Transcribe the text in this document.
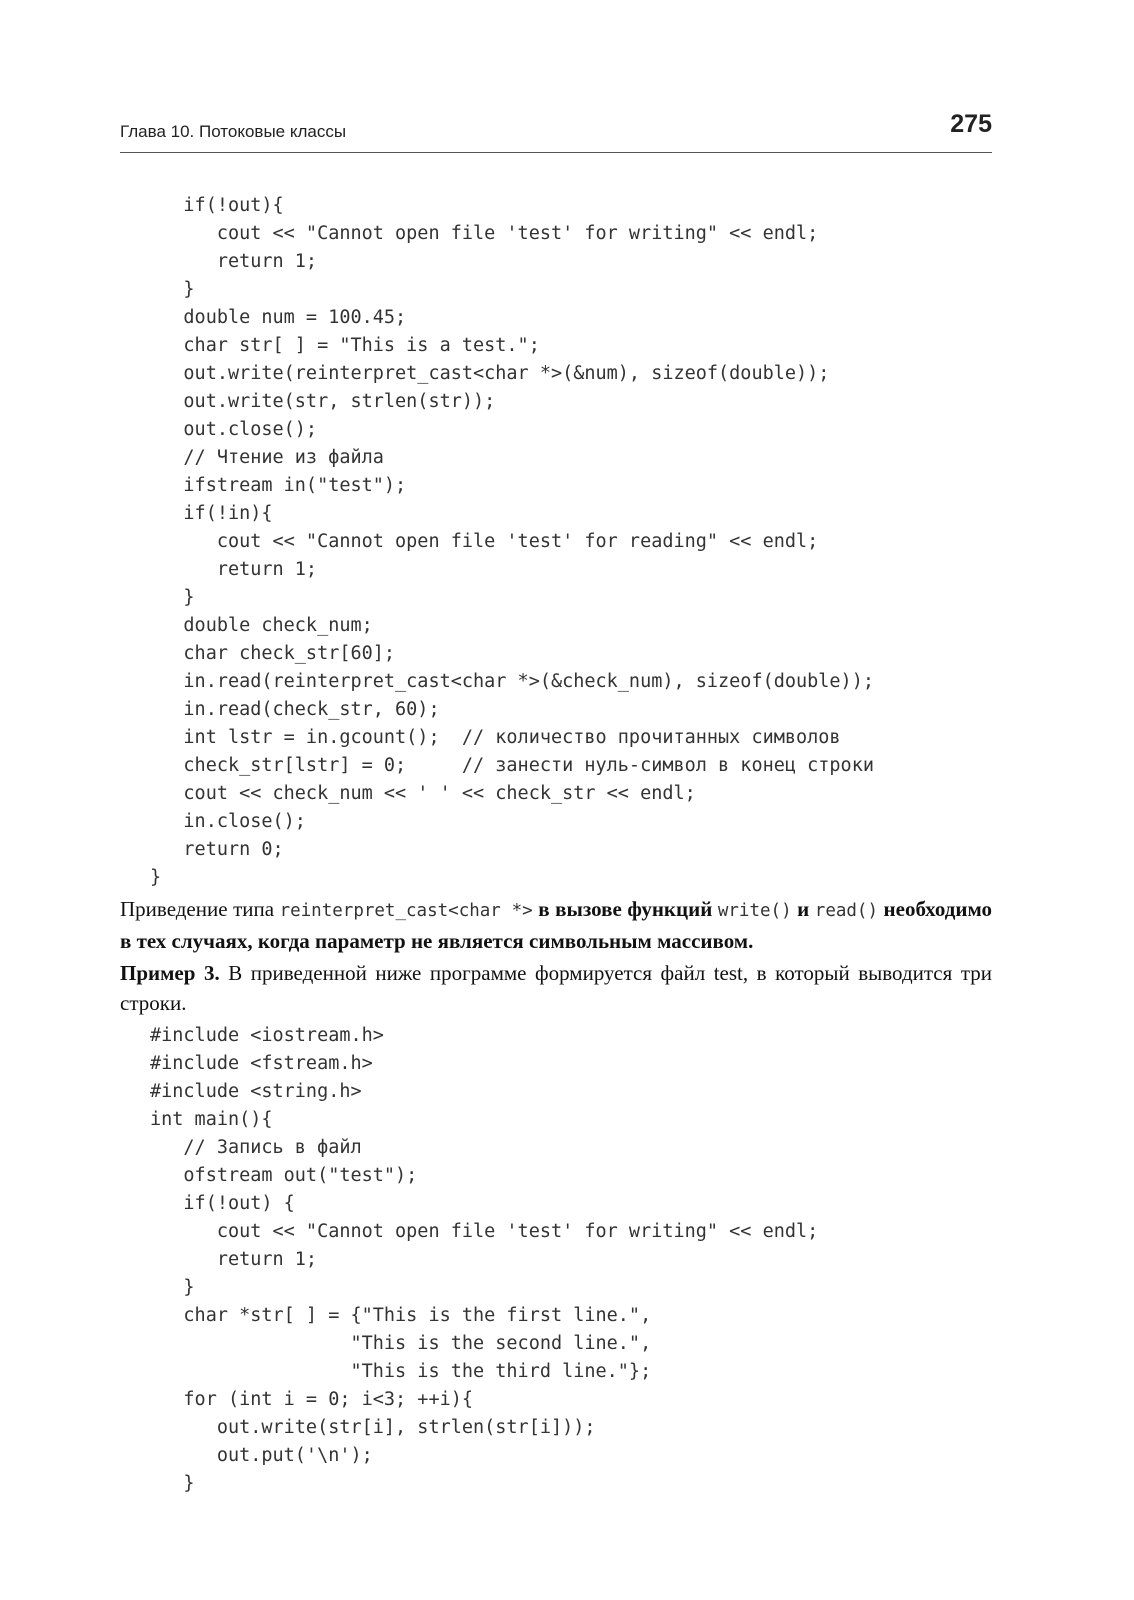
Глава 10. Потоковые классы	275
if(!out){
cout << "Cannot open file 'test' for writing" << endl;
return 1;
}
double num = 100.45;
char str[ ] = "This is a test.";
out.write(reinterpret_cast<char *>(&num), sizeof(double));
out.write(str, strlen(str));
out.close();
// Чтение из файла
ifstream in("test");
if(!in){
cout << "Cannot open file 'test' for reading" << endl;
return 1;
}
double check_num;
char check_str[60];
in.read(reinterpret_cast<char *>(&check_num), sizeof(double));
in.read(check_str, 60);
int lstr = in.gcount();  // количество прочитанных символов
check_str[lstr] = 0;     // занести нуль-символ в конец строки
cout << check_num << ' ' << check_str << endl;
in.close();
return 0;
}

Приведение типа reinterpret_cast<char *> в вызове функций write() и read() необходимо в тех случаях, когда параметр не является символьным массивом.

Пример 3. В приведенной ниже программе формируется файл test, в который выводится три строки.

#include <iostream.h>
#include <fstream.h>
#include <string.h>
int main(){
// Запись в файл
ofstream out("test");
if(!out) {
cout << "Cannot open file 'test' for writing" << endl;
return 1;
}
char *str[ ] = {"This is the first line.",
"This is the second line.",
"This is the third line."};
for (int i = 0; i<3; ++i){
out.write(str[i], strlen(str[i]));
out.put('\n');
}
